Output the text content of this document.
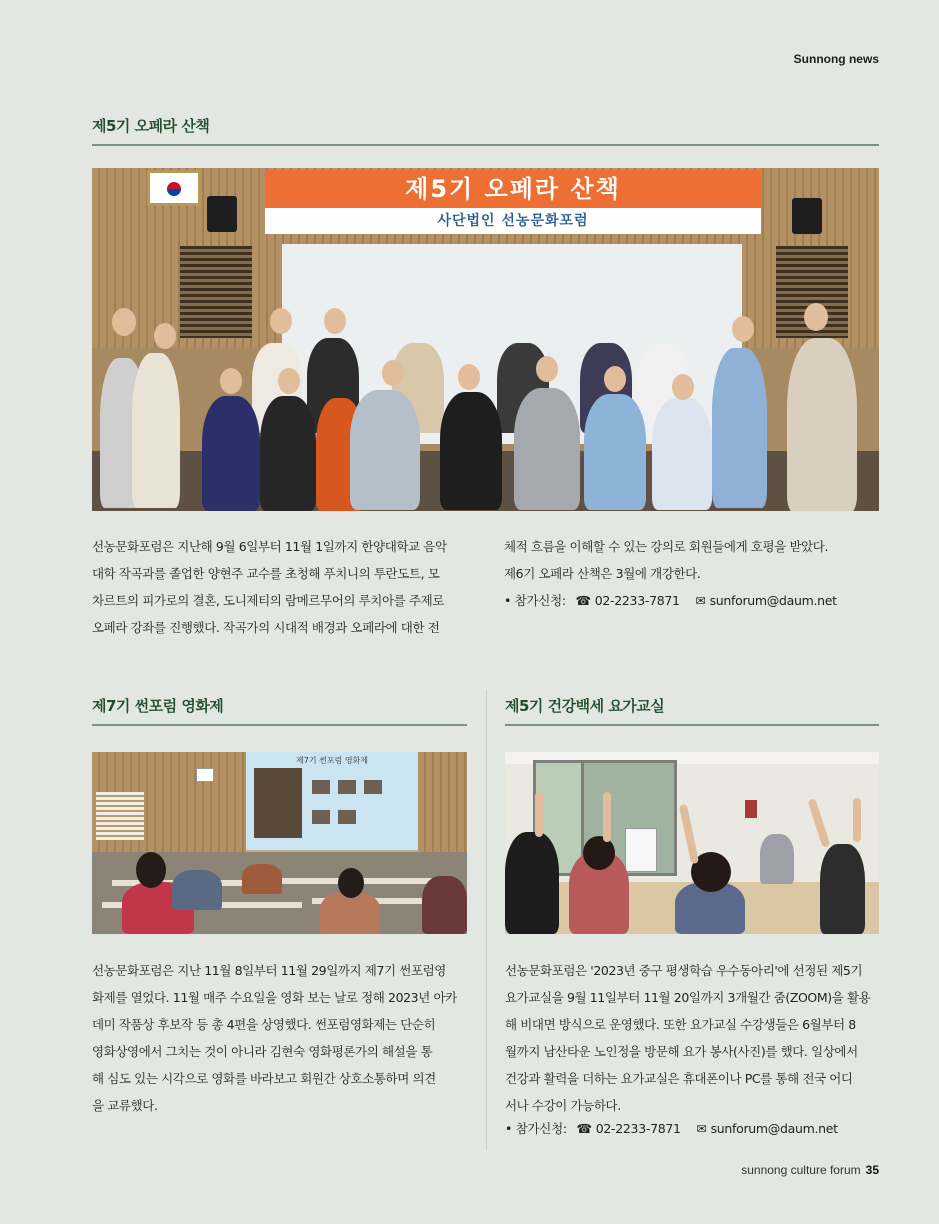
Sunnong news
제5기 오페라 산책
제5기 오페라 산책
사단법인 선농문화포럼

선농문화포럼은 지난해 9월 6일부터 11월 1일까지 한양대학교 음악

대학 작곡과를 졸업한 양현주 교수를 초청해 푸치니의 투란도트, 모

차르트의 피가로의 결혼, 도니제티의 람메르무어의 루치아를 주제로

오페라 강좌를 진행했다. 작곡가의 시대적 배경과 오페라에 대한 전

체적 흐름을 이해할 수 있는 강의로 회원들에게 호평을 받았다.

제6기 오페라 산책은 3월에 개강한다.

• 참가신청: ☎ 02-2233-7871 ✉ sunforum@daum.net
제7기 썬포럼 영화제
제7기 썬포럼 영화제

선농문화포럼은 지난 11월 8일부터 11월 29일까지 제7기 썬포럼영

화제를 열었다. 11월 매주 수요일을 영화 보는 날로 정해 2023년 아카

데미 작품상 후보작 등 총 4편을 상영했다. 썬포럼영화제는 단순히

영화상영에서 그치는 것이 아니라 김현숙 영화평론가의 해설을 통

해 심도 있는 시각으로 영화를 바라보고 회원간 상호소통하며 의견

을 교류했다.

제5기 건강백세 요가교실

선농문화포럼은 '2023년 중구 평생학습 우수동아리'에 선정된 제5기

요가교실을 9월 11일부터 11월 20일까지 3개월간 줌(ZOOM)을 활용

해 비대면 방식으로 운영했다. 또한 요가교실 수강생들은 6월부터 8

월까지 남산타운 노인정을 방문해 요가 봉사(사진)를 했다. 일상에서

건강과 활력을 더하는 요가교실은 휴대폰이나 PC를 통해 전국 어디

서나 수강이 가능하다.

• 참가신청: ☎ 02-2233-7871 ✉ sunforum@daum.net
sunnong culture forum 35
